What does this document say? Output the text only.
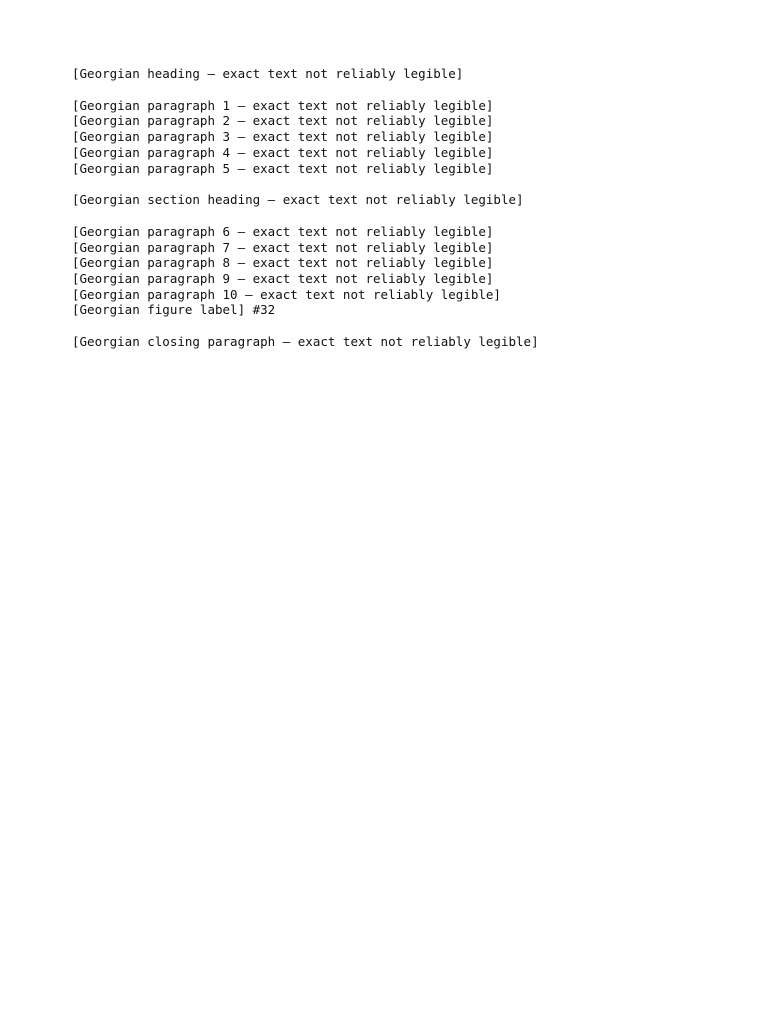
[Georgian heading — exact text not reliably legible]

[Georgian paragraph 1 — exact text not reliably legible]

[Georgian paragraph 2 — exact text not reliably legible]

[Georgian paragraph 3 — exact text not reliably legible]

[Georgian paragraph 4 — exact text not reliably legible]

[Georgian paragraph 5 — exact text not reliably legible]

[Georgian section heading — exact text not reliably legible]

[Georgian paragraph 6 — exact text not reliably legible]

[Georgian paragraph 7 — exact text not reliably legible]

[Georgian paragraph 8 — exact text not reliably legible]

[Georgian paragraph 9 — exact text not reliably legible]

[Georgian paragraph 10 — exact text not reliably legible]

[Georgian figure label] #32

[Georgian closing paragraph — exact text not reliably legible]
